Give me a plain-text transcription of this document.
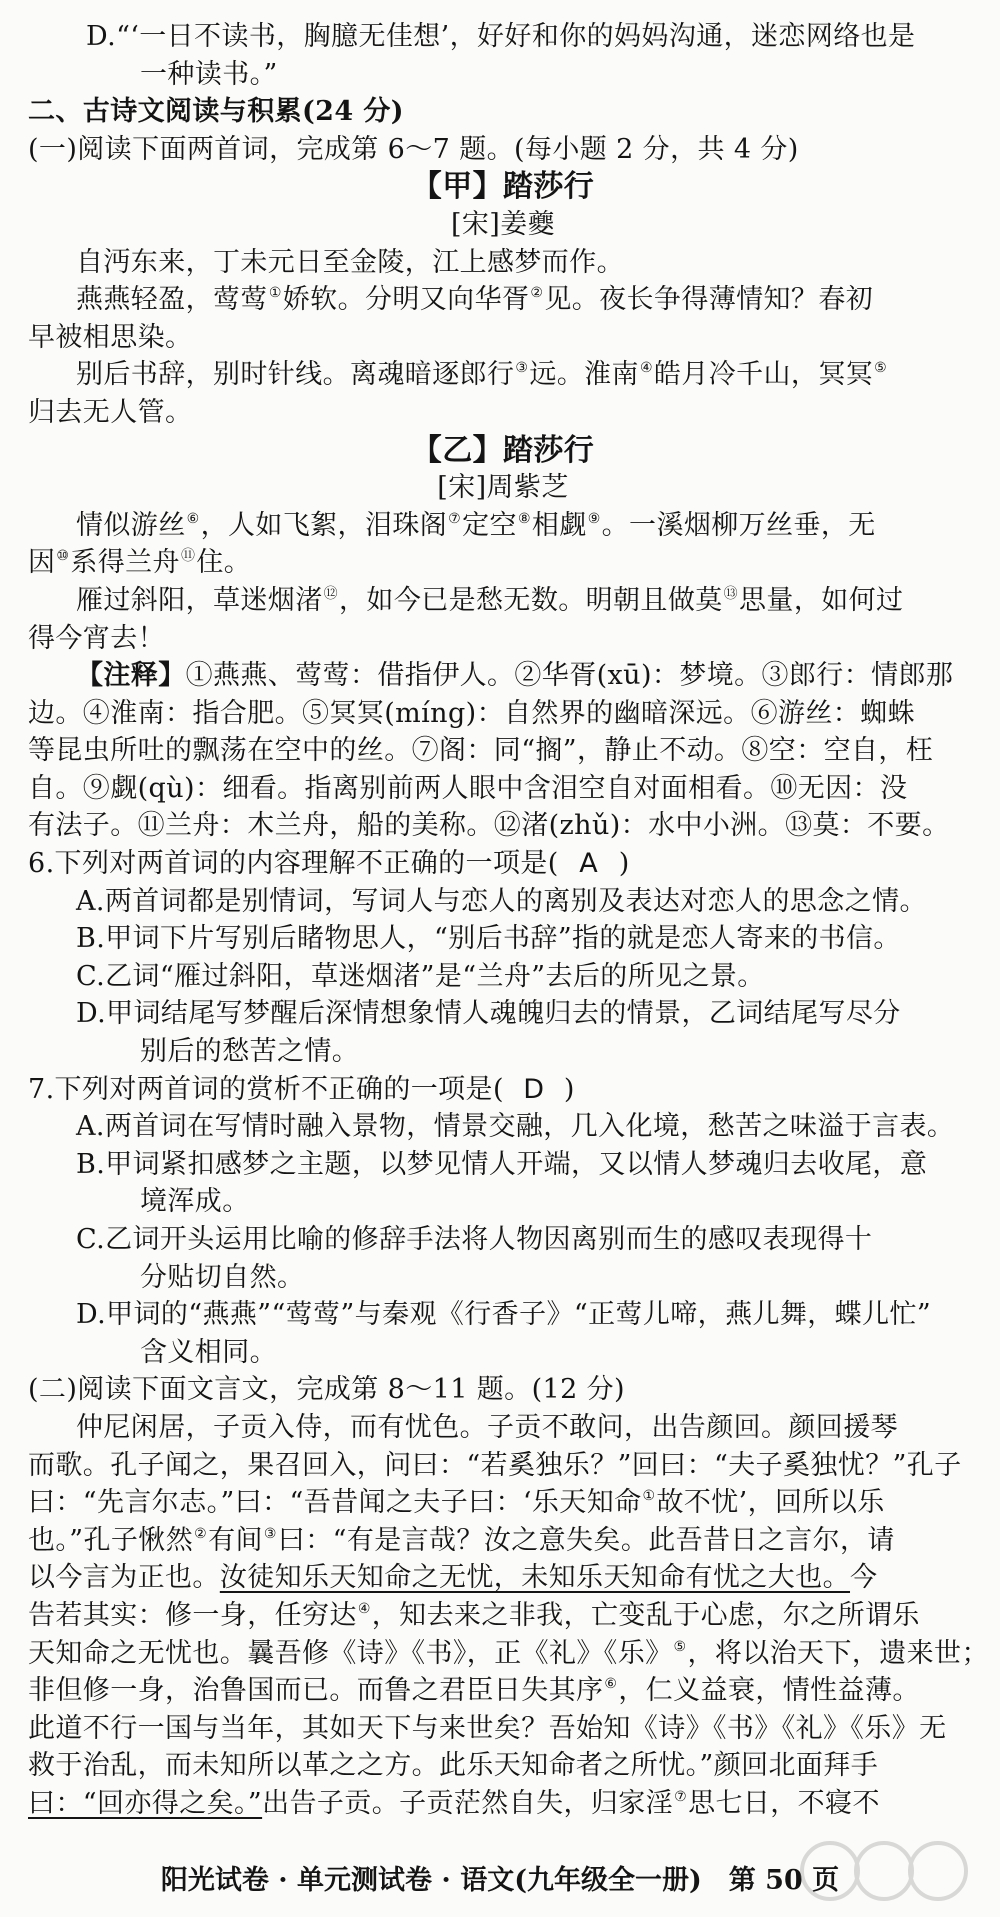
D.“‘一日不读书，胸臆无佳想’，好好和你的妈妈沟通，迷恋网络也是
一种读书。”
二、古诗文阅读与积累(24 分)
(一)阅读下面两首词，完成第 6～7 题。(每小题 2 分，共 4 分)
【甲】踏莎行
[宋]姜夔
自沔东来，丁未元日至金陵，江上感梦而作。
燕燕轻盈，莺莺①娇软。分明又向华胥②见。夜长争得薄情知？春初
早被相思染。
别后书辞，别时针线。离魂暗逐郎行③远。淮南④皓月冷千山，冥冥⑤
归去无人管。
【乙】踏莎行
[宋]周紫芝
情似游丝⑥，人如飞絮，泪珠阁⑦定空⑧相觑⑨。一溪烟柳万丝垂，无
因⑩系得兰舟⑪住。
雁过斜阳，草迷烟渚⑫，如今已是愁无数。明朝且做莫⑬思量，如何过
得今宵去！
【注释】①燕燕、莺莺：借指伊人。②华胥(xū)：梦境。③郎行：情郎那
边。④淮南：指合肥。⑤冥冥(míng)：自然界的幽暗深远。⑥游丝：蜘蛛
等昆虫所吐的飘荡在空中的丝。⑦阁：同“搁”，静止不动。⑧空：空自，枉
自。⑨觑(qù)：细看。指离别前两人眼中含泪空自对面相看。⑩无因：没
有法子。⑪兰舟：木兰舟，船的美称。⑫渚(zhǔ)：水中小洲。⑬莫：不要。
6.下列对两首词的内容理解不正确的一项是( A )
A.两首词都是别情词，写词人与恋人的离别及表达对恋人的思念之情。
B.甲词下片写别后睹物思人，“别后书辞”指的就是恋人寄来的书信。
C.乙词“雁过斜阳，草迷烟渚”是“兰舟”去后的所见之景。
D.甲词结尾写梦醒后深情想象情人魂魄归去的情景，乙词结尾写尽分
别后的愁苦之情。
7.下列对两首词的赏析不正确的一项是( D )
A.两首词在写情时融入景物，情景交融，几入化境，愁苦之味溢于言表。
B.甲词紧扣感梦之主题，以梦见情人开端，又以情人梦魂归去收尾，意
境浑成。
C.乙词开头运用比喻的修辞手法将人物因离别而生的感叹表现得十
分贴切自然。
D.甲词的“燕燕”“莺莺”与秦观《行香子》“正莺儿啼，燕儿舞，蝶儿忙”
含义相同。
(二)阅读下面文言文，完成第 8～11 题。(12 分)
仲尼闲居，子贡入侍，而有忧色。子贡不敢问，出告颜回。颜回援琴
而歌。孔子闻之，果召回入，问曰：“若奚独乐？”回曰：“夫子奚独忧？”孔子
曰：“先言尔志。”曰：“吾昔闻之夫子曰：‘乐天知命①故不忧’，回所以乐
也。”孔子愀然②有间③曰：“有是言哉？汝之意失矣。此吾昔日之言尔，请
以今言为正也。汝徒知乐天知命之无忧，未知乐天知命有忧之大也。今
告若其实：修一身，任穷达④，知去来之非我，亡变乱于心虑，尔之所谓乐
天知命之无忧也。曩吾修《诗》《书》，正《礼》《乐》⑤，将以治天下，遗来世；
非但修一身，治鲁国而已。而鲁之君臣日失其序⑥，仁义益衰，情性益薄。
此道不行一国与当年，其如天下与来世矣？吾始知《诗》《书》《礼》《乐》无
救于治乱，而未知所以革之之方。此乐天知命者之所忧。”颜回北面拜手
曰：“回亦得之矣。”出告子贡。子贡茫然自失，归家淫⑦思七日，不寝不
阳光试卷 · 单元测试卷 · 语文(九年级全一册)　第 50 页
